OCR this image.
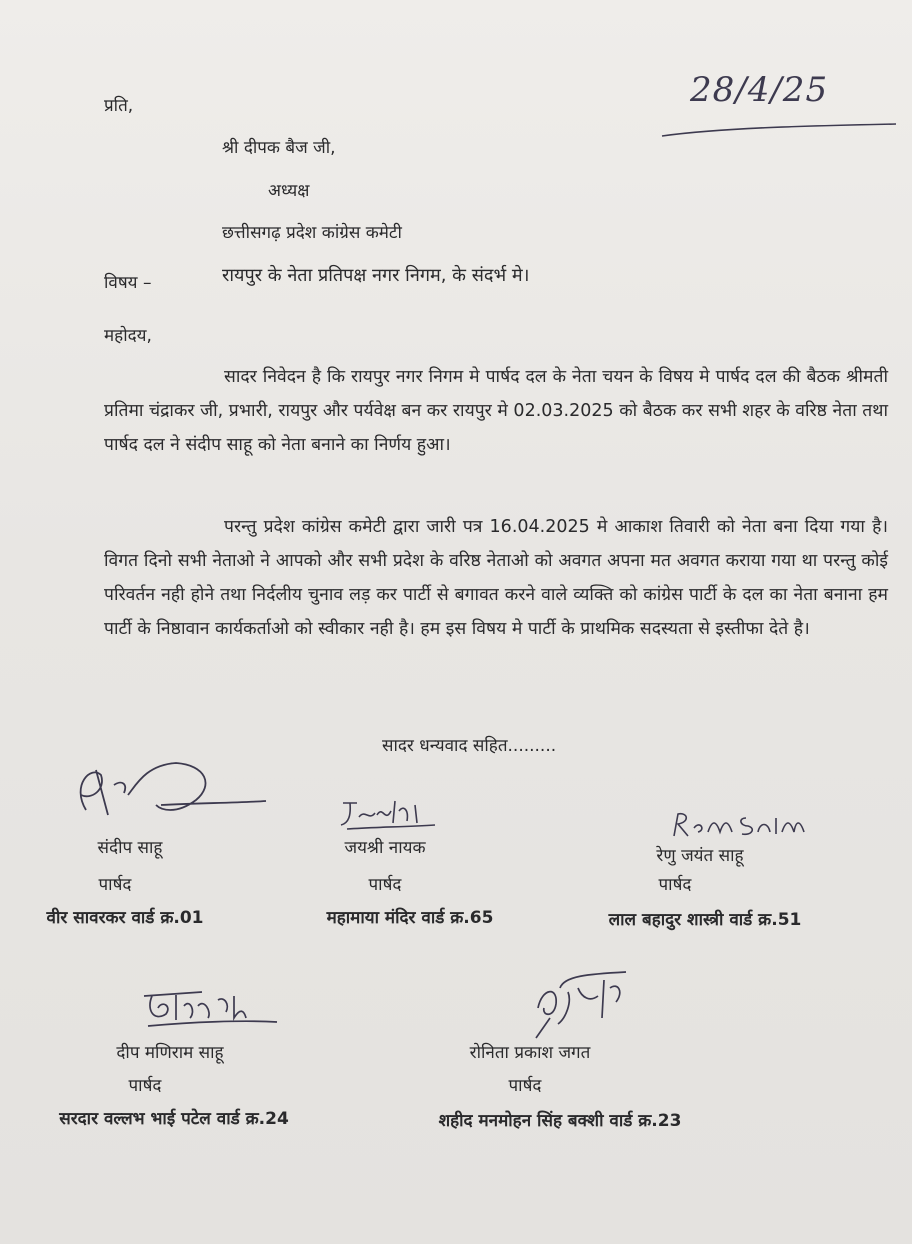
28/4/25
प्रति,
श्री दीपक बैज जी,
अध्यक्ष
छत्तीसगढ़ प्रदेश कांग्रेस कमेटी
विषय –	रायपुर के नेता प्रतिपक्ष नगर निगम, के संदर्भ मे।
महोदय,
सादर निवेदन है कि रायपुर नगर निगम मे पार्षद दल के नेता चयन के विषय मे पार्षद दल की बैठक श्रीमती प्रतिमा चंद्राकर जी, प्रभारी, रायपुर और पर्यवेक्ष बन कर रायपुर मे 02.03.2025 को बैठक कर सभी शहर के वरिष्ठ नेता तथा पार्षद दल ने संदीप साहू को नेता बनाने का निर्णय हुआ।
परन्तु प्रदेश कांग्रेस कमेटी द्वारा जारी पत्र 16.04.2025 मे आकाश तिवारी को नेता बना दिया गया है। विगत दिनो सभी नेताओ ने आपको और सभी प्रदेश के वरिष्ठ नेताओ को अवगत अपना मत अवगत कराया गया था परन्तु कोई परिवर्तन नही होने तथा निर्दलीय चुनाव लड़ कर पार्टी से बगावत करने वाले व्यक्ति को कांग्रेस पार्टी के दल का नेता बनाना हम पार्टी के निष्ठावान कार्यकर्ताओ को स्वीकार नही है। हम इस विषय मे पार्टी के प्राथमिक सदस्यता से इस्तीफा देते है।
सादर धन्यवाद सहित.........
संदीप साहू
पार्षद
वीर सावरकर वार्ड क्र.01
जयश्री नायक
पार्षद
महामाया मंदिर वार्ड क्र.65
रेणु जयंत साहू
पार्षद
लाल बहादुर शास्त्री वार्ड क्र.51
दीप मणिराम साहू
पार्षद
सरदार वल्लभ भाई पटेल वार्ड क्र.24
रोनिता प्रकाश जगत
पार्षद
शहीद मनमोहन सिंह बक्शी वार्ड क्र.23
